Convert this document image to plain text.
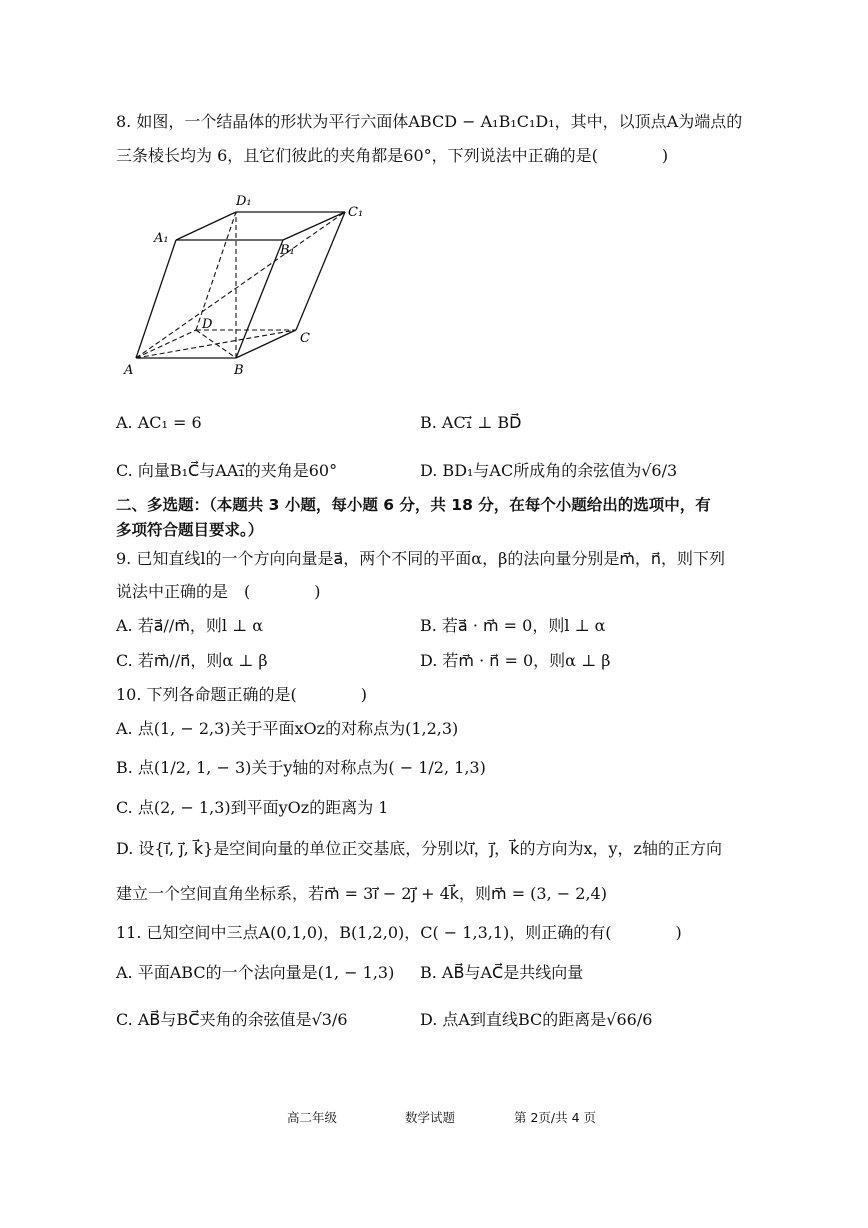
8. 如图，一个结晶体的形状为平行六面体ABCD − A₁B₁C₁D₁，其中，以顶点A为端点的
三条棱长均为 6，且它们彼此的夹角都是60°，下列说法中正确的是(　　　　)
A	B
C
D
A₁
B₁
C₁
D₁
A. AC₁ = 6	B. AC₁⃗ ⊥ BD⃗
C. 向量B₁C⃗与AA₁⃗的夹角是60°	D. BD₁与AC所成角的余弦值为√6/3
二、多选题：（本题共 3 小题，每小题 6 分，共 18 分，在每个小题给出的选项中，有
多项符合题目要求。）
9. 已知直线l的一个方向向量是a⃗，两个不同的平面α，β的法向量分别是m⃗，n⃗，则下列
说法中正确的是　(　　　　)
A. 若a⃗//m⃗，则l ⊥ α	B. 若a⃗ · m⃗ = 0，则l ⊥ α
C. 若m⃗//n⃗，则α ⊥ β	D. 若m⃗ · n⃗ = 0，则α ⊥ β
10. 下列各命题正确的是(　　　　)
A. 点(1, − 2,3)关于平面xOz的对称点为(1,2,3)
B. 点(1/2, 1, − 3)关于y轴的对称点为( − 1/2, 1,3)
C. 点(2, − 1,3)到平面yOz的距离为 1
D. 设{i⃗, j⃗, k⃗}是空间向量的单位正交基底，分别以i⃗，j⃗，k⃗的方向为x，y，z轴的正方向
建立一个空间直角坐标系，若m⃗ = 3i⃗ − 2j⃗ + 4k⃗，则m⃗ = (3, − 2,4)
11. 已知空间中三点A(0,1,0)，B(1,2,0)，C( − 1,3,1)，则正确的有(　　　　)
A. 平面ABC的一个法向量是(1, − 1,3) B. AB⃗与AC⃗是共线向量
C. AB⃗与BC⃗夹角的余弦值是√3/6	D. 点A到直线BC的距离是√66/6
高二年级	数学试题	第 2页/共 4 页
